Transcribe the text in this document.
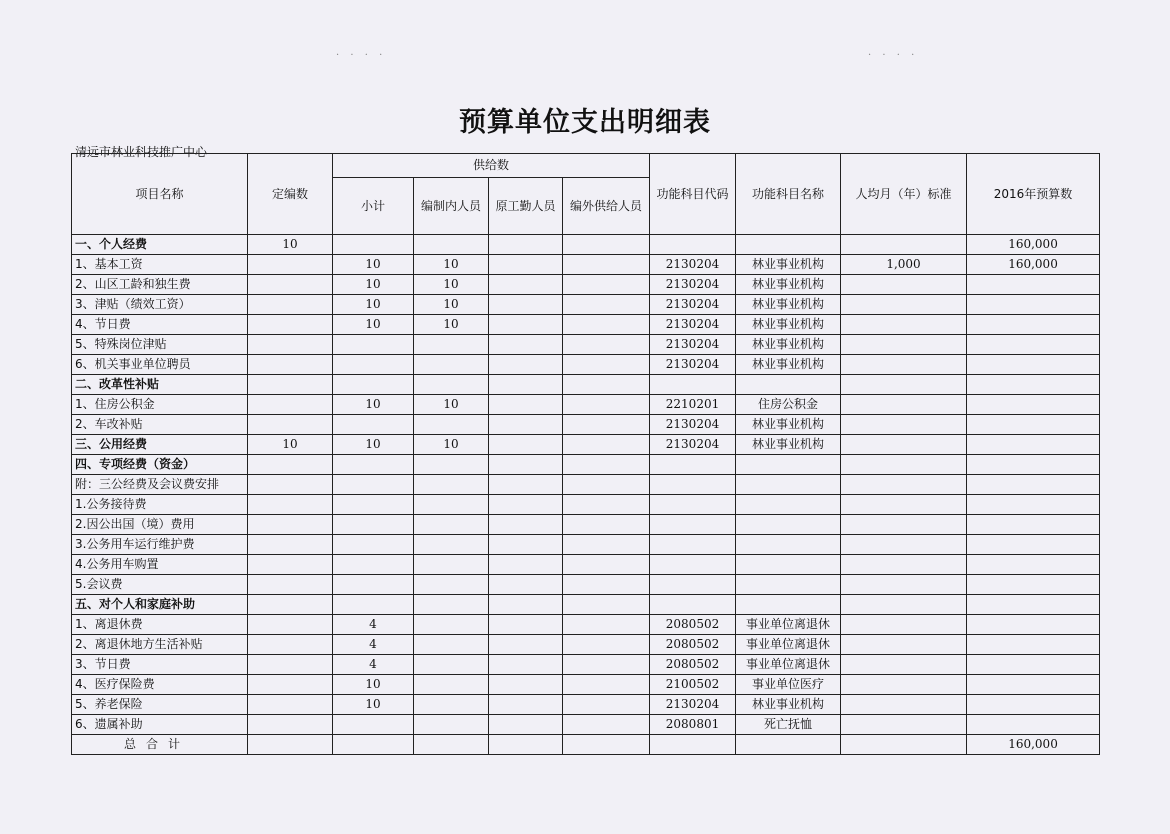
· · · ·	· · · ·
预算单位支出明细表
清远市林业科技推广中心
项目名称	定编数	供给数				功能科目代码	功能科目名称	人均月（年）标准	2016年预算数
		小计	编制内人员	原工勤人员	编外供给人员				
一、个人经费	10								160,000
1、基本工资		10	10			2130204	林业事业机构	1,000	160,000
2、山区工龄和独生费		10	10			2130204	林业事业机构		
3、津贴（绩效工资）		10	10			2130204	林业事业机构		
4、节日费		10	10			2130204	林业事业机构		
5、特殊岗位津贴						2130204	林业事业机构		
6、机关事业单位聘员						2130204	林业事业机构		
二、改革性补贴									
1、住房公积金		10	10			2210201	住房公积金		
2、车改补贴						2130204	林业事业机构		
三、公用经费	10	10	10			2130204	林业事业机构		
四、专项经费（资金）									
附：三公经费及会议费安排									
1.公务接待费									
2.因公出国（境）费用									
3.公务用车运行维护费									
4.公务用车购置									
5.会议费									
五、对个人和家庭补助									
1、离退休费		4				2080502	事业单位离退休		
2、离退休地方生活补贴		4				2080502	事业单位离退休		
3、节日费		4				2080502	事业单位离退休		
4、医疗保险费		10				2100502	事业单位医疗		
5、养老保险		10				2130204	林业事业机构		
6、遗属补助						2080801	死亡抚恤		
总合计									160,000
